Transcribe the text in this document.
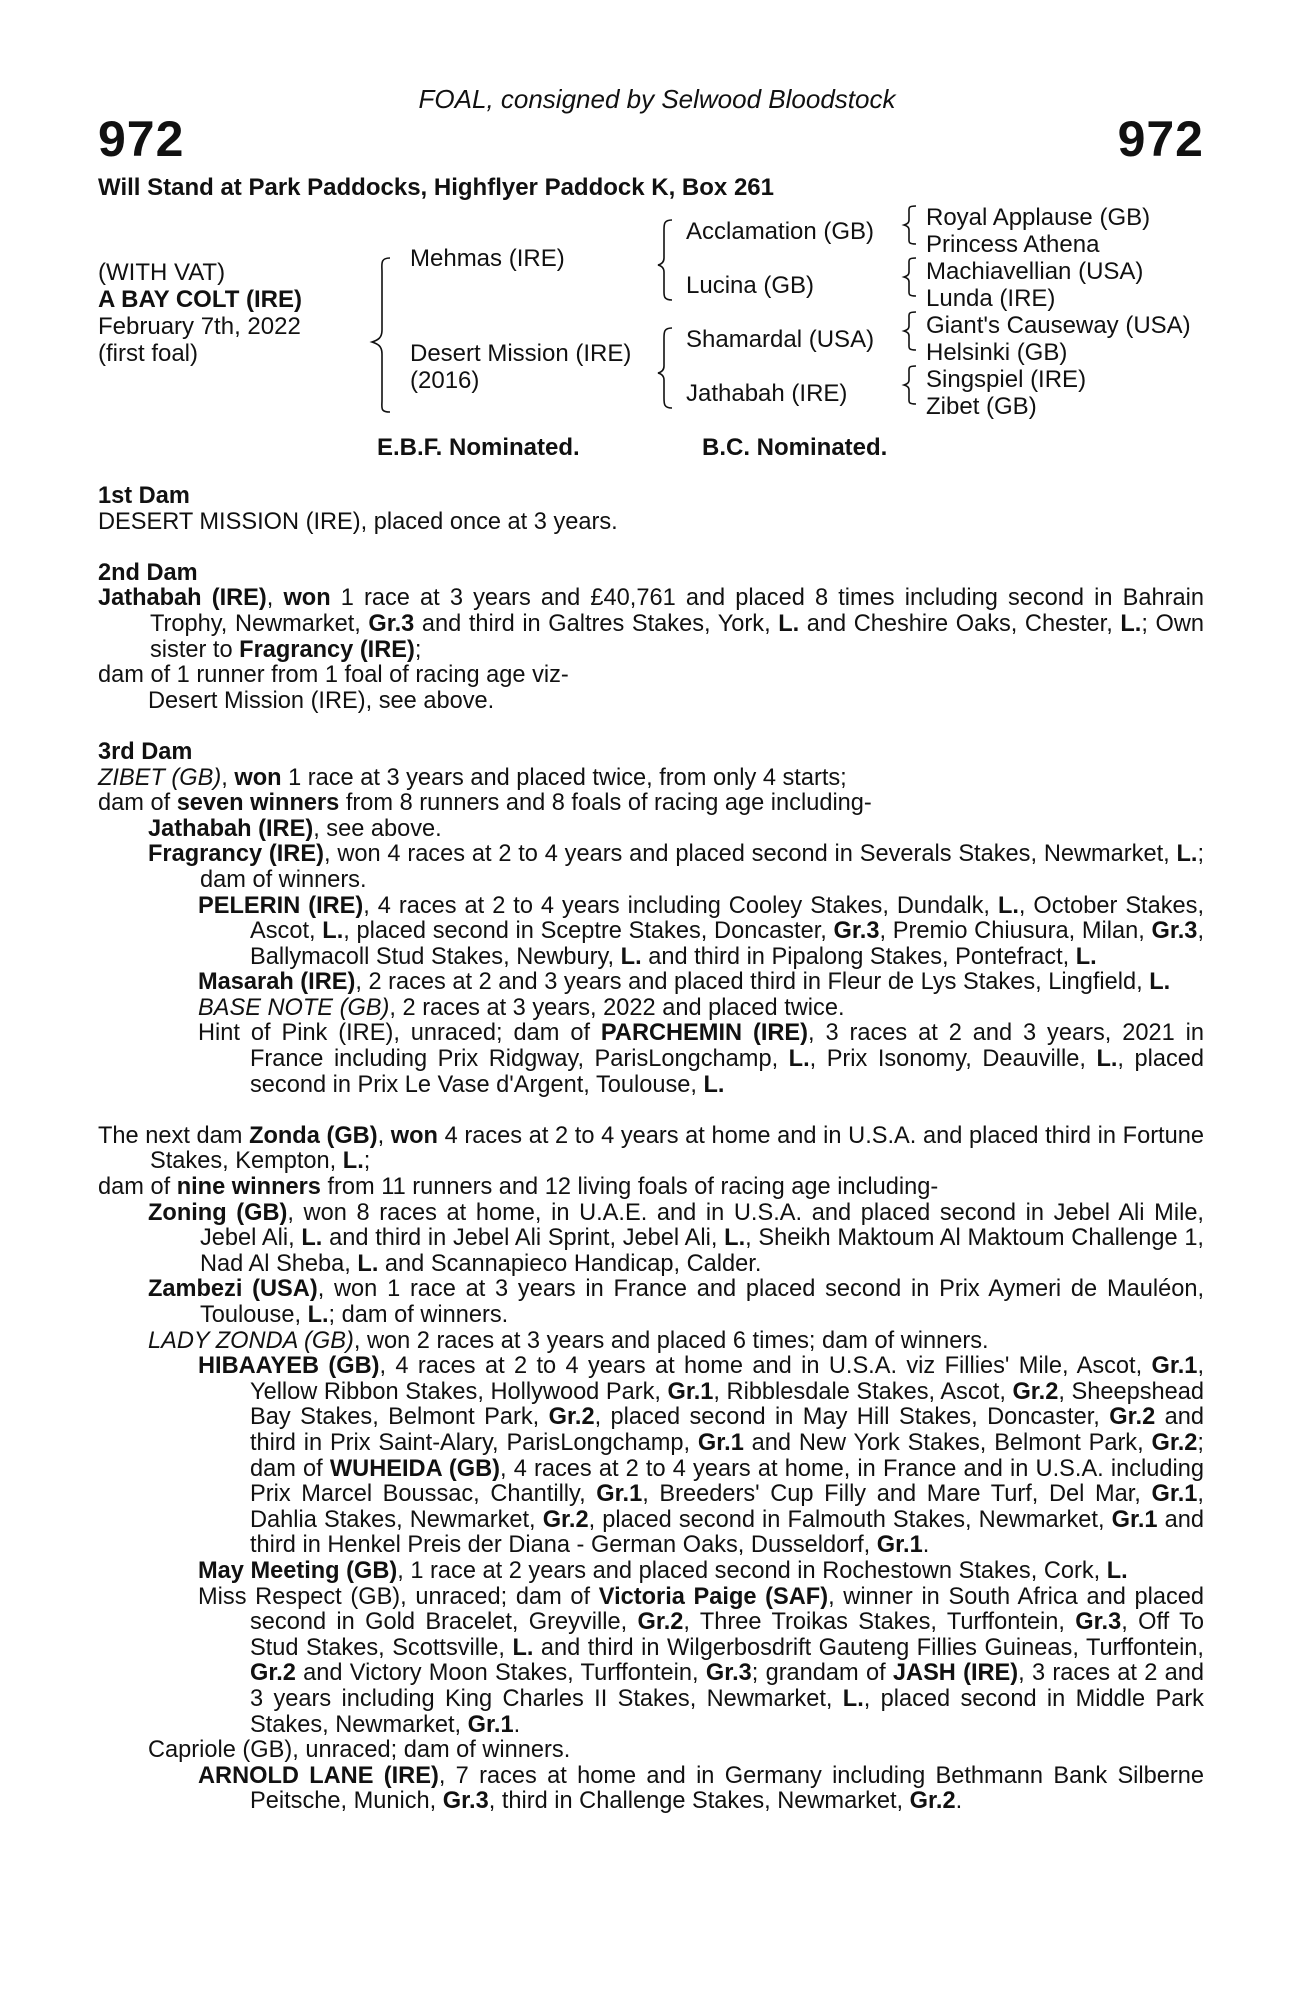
FOAL, consigned by Selwood Bloodstock
972	972
Will Stand at Park Paddocks, Highflyer Paddock K, Box 261
(WITH VAT)
A BAY COLT (IRE)
February 7th, 2022
(first foal)
Mehmas (IRE)
Desert Mission (IRE)
(2016)
Acclamation (GB)
Lucina (GB)
Shamardal (USA)
Jathabah (IRE)
Royal Applause (GB)
Princess Athena
Machiavellian (USA)
Lunda (IRE)
Giant's Causeway (USA)
Helsinki (GB)
Singspiel (IRE)
Zibet (GB)
E.B.F. Nominated.	B.C. Nominated.
1st Dam
DESERT MISSION (IRE), placed once at 3 years.
2nd Dam
Jathabah (IRE), won 1 race at 3 years and £40,761 and placed 8 times including second in Bahrain Trophy, Newmarket, Gr.3 and third in Galtres Stakes, York, L. and Cheshire Oaks, Chester, L.; Own sister to Fragrancy (IRE);
dam of 1 runner from 1 foal of racing age viz-
Desert Mission (IRE), see above.
3rd Dam
ZIBET (GB), won 1 race at 3 years and placed twice, from only 4 starts;
dam of seven winners from 8 runners and 8 foals of racing age including-
Jathabah (IRE), see above.
Fragrancy (IRE), won 4 races at 2 to 4 years and placed second in Severals Stakes, Newmarket, L.; dam of winners.
PELERIN (IRE), 4 races at 2 to 4 years including Cooley Stakes, Dundalk, L., October Stakes, Ascot, L., placed second in Sceptre Stakes, Doncaster, Gr.3, Premio Chiusura, Milan, Gr.3, Ballymacoll Stud Stakes, Newbury, L. and third in Pipalong Stakes, Pontefract, L.
Masarah (IRE), 2 races at 2 and 3 years and placed third in Fleur de Lys Stakes, Lingfield, L.
BASE NOTE (GB), 2 races at 3 years, 2022 and placed twice.
Hint of Pink (IRE), unraced; dam of PARCHEMIN (IRE), 3 races at 2 and 3 years, 2021 in France including Prix Ridgway, ParisLongchamp, L., Prix Isonomy, Deauville, L., placed second in Prix Le Vase d'Argent, Toulouse, L.
The next dam Zonda (GB), won 4 races at 2 to 4 years at home and in U.S.A. and placed third in Fortune Stakes, Kempton, L.;
dam of nine winners from 11 runners and 12 living foals of racing age including-
Zoning (GB), won 8 races at home, in U.A.E. and in U.S.A. and placed second in Jebel Ali Mile, Jebel Ali, L. and third in Jebel Ali Sprint, Jebel Ali, L., Sheikh Maktoum Al Maktoum Challenge 1, Nad Al Sheba, L. and Scannapieco Handicap, Calder.
Zambezi (USA), won 1 race at 3 years in France and placed second in Prix Aymeri de Mauléon, Toulouse, L.; dam of winners.
LADY ZONDA (GB), won 2 races at 3 years and placed 6 times; dam of winners.
HIBAAYEB (GB), 4 races at 2 to 4 years at home and in U.S.A. viz Fillies' Mile, Ascot, Gr.1, Yellow Ribbon Stakes, Hollywood Park, Gr.1, Ribblesdale Stakes, Ascot, Gr.2, Sheepshead Bay Stakes, Belmont Park, Gr.2, placed second in May Hill Stakes, Doncaster, Gr.2 and third in Prix Saint-Alary, ParisLongchamp, Gr.1 and New York Stakes, Belmont Park, Gr.2; dam of WUHEIDA (GB), 4 races at 2 to 4 years at home, in France and in U.S.A. including Prix Marcel Boussac, Chantilly, Gr.1, Breeders' Cup Filly and Mare Turf, Del Mar, Gr.1, Dahlia Stakes, Newmarket, Gr.2, placed second in Falmouth Stakes, Newmarket, Gr.1 and third in Henkel Preis der Diana - German Oaks, Dusseldorf, Gr.1.
May Meeting (GB), 1 race at 2 years and placed second in Rochestown Stakes, Cork, L.
Miss Respect (GB), unraced; dam of Victoria Paige (SAF), winner in South Africa and placed second in Gold Bracelet, Greyville, Gr.2, Three Troikas Stakes, Turffontein, Gr.3, Off To Stud Stakes, Scottsville, L. and third in Wilgerbosdrift Gauteng Fillies Guineas, Turffontein, Gr.2 and Victory Moon Stakes, Turffontein, Gr.3; grandam of JASH (IRE), 3 races at 2 and 3 years including King Charles II Stakes, Newmarket, L., placed second in Middle Park Stakes, Newmarket, Gr.1.
Capriole (GB), unraced; dam of winners.
ARNOLD LANE (IRE), 7 races at home and in Germany including Bethmann Bank Silberne Peitsche, Munich, Gr.3, third in Challenge Stakes, Newmarket, Gr.2.
